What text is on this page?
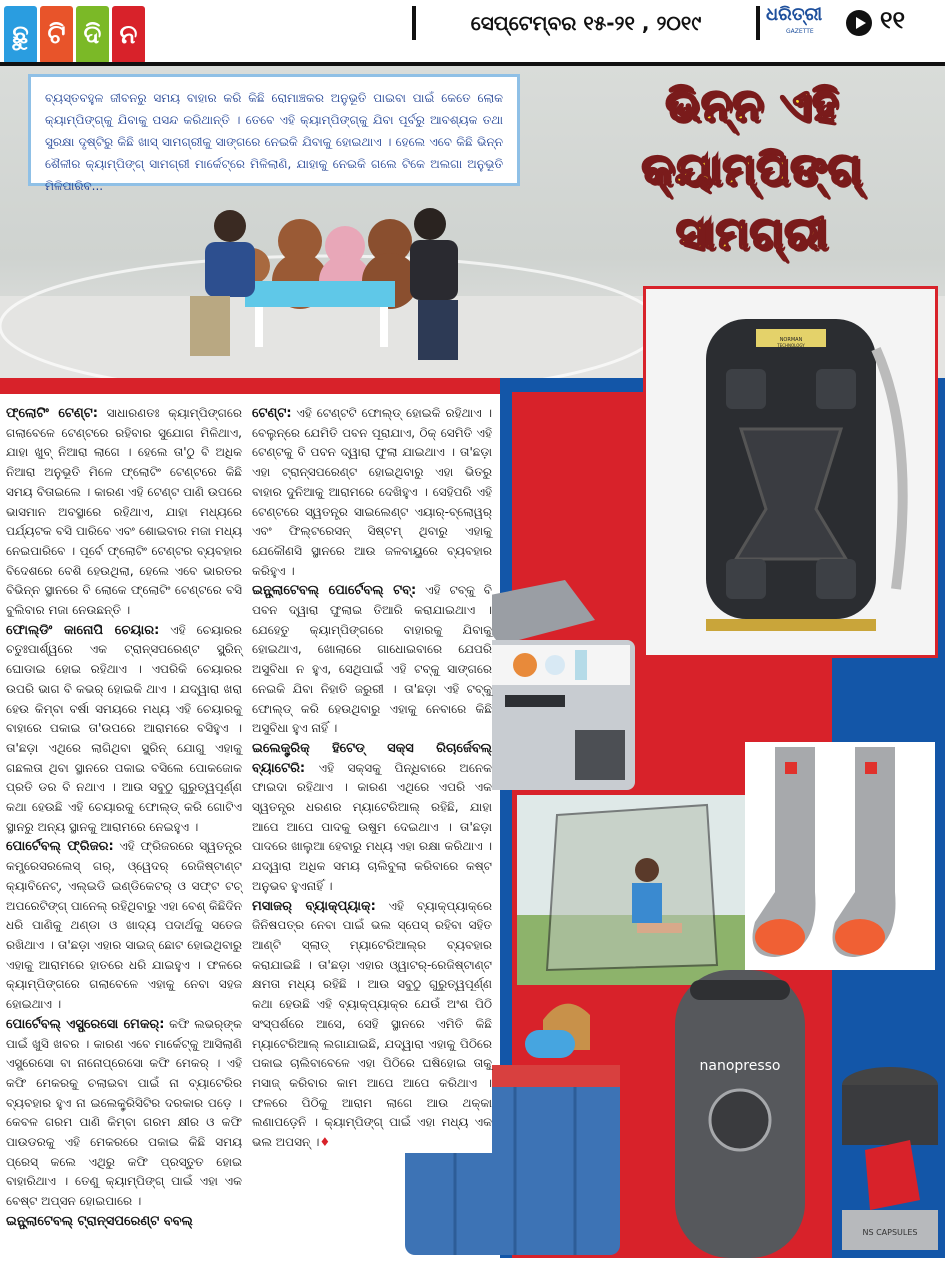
ଛୁ ଟି ଦି ନ	ସେପ୍ଟେମ୍ବର ୧୫-୨୧ , ୨୦୧୯	ଧରିତ୍ରୀ
GAZETTE	୧୧
ବ୍ୟସ୍ତବହୁଳ ଜୀବନରୁ ସମୟ ବାହାର କରି କିଛି ରୋମାଞ୍ଚକର ଅନୁଭୂତି ପାଇବା ପାଇଁ କେତେ ଲୋକ କ୍ୟାମ୍ପିଙ୍ଗ୍‌କୁ ଯିବାକୁ ପସନ୍ଦ କରିଥାନ୍ତି । ତେବେ ଏହି କ୍ୟାମ୍ପିଙ୍ଗ୍‌କୁ ଯିବା ପୂର୍ବରୁ ଆବଶ୍ୟକ ତଥା ସୁରକ୍ଷା ଦୃଷ୍ଟିରୁ କିଛି ଖାସ୍ ସାମଗ୍ରୀକୁ ସାଙ୍ଗରେ ନେଇକି ଯିବାକୁ ହୋଇଥାଏ । ହେଲେ ଏବେ କିଛି ଭିନ୍ନ ଶୈଳୀର କ୍ୟାମ୍ପିଙ୍ଗ୍ ସାମଗ୍ରୀ ମାର୍କେଟ୍‌ରେ ମିଳିଲାଣି, ଯାହାକୁ ନେଇକି ଗଲେ ଟିକେ ଅଲଗା ଅନୁଭୂତି ମିଳିପାରିବ...
ଭିନ୍ନ ଏହି
କ୍ୟାମ୍ପିଙ୍ଗ୍
ସାମଗ୍ରୀ
NORMAN
TECHNOLOGY
nanopresso
NS CAPSULES

ଫ୍ଲୋଟିଂ ଟେଣ୍ଟ: ସାଧାରଣତଃ କ୍ୟାମ୍ପିଙ୍ଗରେ ଗଲାବେଳେ ଟେଣ୍ଟରେ ରହିବାର ସୁଯୋଗ ମିଳିଥାଏ, ଯାହା ଖୁବ୍ ନିଆରା ଲାଗେ । ହେଲେ ତା'ଠୁ ବି ଅଧିକ ନିଆରା ଅନୁଭୂତି ମିଳେ ଫ୍ଲୋଟିଂ ଟେଣ୍ଟରେ କିଛି ସମୟ ବିତାଇଲେ । କାରଣ ଏହି ଟେଣ୍ଟ ପାଣି ଉପରେ ଭାସମାନ ଅବସ୍ଥାରେ ରହିଥାଏ, ଯାହା ମଧ୍ୟରେ ପର୍ଯ୍ୟଟକ ବସି ପାରିବେ ଏବଂ ଶୋଇବାର ମଜା ମଧ୍ୟ ନେଇପାରିବେ । ପୂର୍ବେ ଫ୍ଲୋଟିଂ ଟେଣ୍ଟର ବ୍ୟବହାର ବିଦେଶରେ ବେଶି ହେଉଥିଲା, ହେଲେ ଏବେ ଭାରତର ବିଭିନ୍ନ ସ୍ଥାନରେ ବି ଲୋକେ ଫ୍ଲୋଟିଂ ଟେଣ୍ଟରେ ବସି ବୁଲିବାର ମଜା ନେଉଛନ୍ତି ।

ଫୋଲ୍ଡିଂ କାନୋପି ଚେୟାର: ଏହି ଚେୟାରର ଚତୁଃପାର୍ଶ୍ୱରେ ଏକ ଟ୍ରାନ୍ସପରେଣ୍ଟ ସ୍କ୍ରିନ୍ ଘୋଡାଇ ହୋଇ ରହିଥାଏ । ଏପରିକି ଚେୟାରର ଉପରି ଭାଗ ବି କଭର୍ ହୋଇକି ଥାଏ । ଯଦ୍ୱାରା ଖରା ହେଉ କିମ୍ବା ବର୍ଷା ସମୟରେ ମଧ୍ୟ ଏହି ଚେୟାରକୁ ବାହାରେ ପକାଇ ତା'ଉପରେ ଆରାମରେ ବସିହୁଏ । ତା'ଛଡ଼ା ଏଥିରେ ଲାଗିଥିବା ସ୍କ୍ରିନ୍ ଯୋଗୁ ଏହାକୁ ଗଛଲତା ଥିବା ସ୍ଥାନରେ ପକାଇ ବସିଲେ ପୋକଜୋକ ପ୍ରତି ଡର ବି ନଥାଏ । ଆଉ ସବୁଠୁ ଗୁରୁତ୍ୱପୂର୍ଣ୍ଣ କଥା ହେଉଛି ଏହି ଚେୟାରକୁ ଫୋଲ୍ଡ୍ କରି ଗୋଟିଏ ସ୍ଥାନରୁ ଅନ୍ୟ ସ୍ଥାନକୁ ଆରାମରେ ନେଇହୁଏ ।

ପୋର୍ଟେବଲ୍ ଫ୍ରିଜର: ଏହି ଫ୍ରିଜରରେ ସ୍ୱତନ୍ତ୍ର କମ୍ପ୍ରେସରଲେସ୍ ଗର୍, ଓ୍ୱେଦର୍ ରେଜିଷ୍ଟାଣ୍ଟ କ୍ୟାବିନେଟ୍, ଏଲ୍ଇଡି ଇଣ୍ଡିକେଟର୍ ଓ ସଫ୍ଟ ଟଚ୍ ଅପରେଟିଙ୍ଗ୍ ପାନେଲ୍ ରହିଥିବାରୁ ଏହା ବେଶ୍ କିଛିଦିନ ଧରି ପାଣିକୁ ଥଣ୍ଡା ଓ ଖାଦ୍ୟ ପଦାର୍ଥକୁ ସତେଜ ରଖିଥାଏ । ତା'ଛଡ଼ା ଏହାର ସାଇଜ୍ ଛୋଟ ହୋଇଥିବାରୁ ଏହାକୁ ଆରାମରେ ହାତରେ ଧରି ଯାଇହୁଏ । ଫଳରେ କ୍ୟାମ୍ପିଙ୍ଗରେ ଗଲାବେଳେ ଏହାକୁ ନେବା ସହଜ ହୋଇଥାଏ ।

ପୋର୍ଟେବଲ୍ ଏସ୍ପ୍ରେସୋ ମେକର୍: କଫି ଲଭର୍‌ଙ୍କ ପାଇଁ ଖୁସି ଖବର । କାରଣ ଏବେ ମାର୍କେଟ୍‌କୁ ଆସିଲାଣି ଏସ୍ପ୍ରେସୋ ବା ନାନୋପ୍ରେସୋ କଫି ମେକର୍ । ଏହି କଫି ମେକରକୁ ଚଲାଇବା ପାଇଁ ନା ବ୍ୟାଟେରିର ବ୍ୟବହାର ହୁଏ ନା ଇଲେକ୍ଟ୍ରିସିଟିର ଦରକାର ପଡ଼େ । କେବଳ ଗରମ ପାଣି କିମ୍ବା ଗରମ କ୍ଷୀର ଓ କଫି ପାଉଡରକୁ ଏହି ମେକରରେ ପକାଇ କିଛି ସମୟ ପ୍ରେସ୍ କଲେ ଏଥିରୁ କଫି ପ୍ରସ୍ତୁତ ହୋଇ ବାହାରିଥାଏ । ତେଣୁ କ୍ୟାମ୍ପିଙ୍ଗ୍ ପାଇଁ ଏହା ଏକ ବେଷ୍ଟ ଅପ୍ସନ ହୋଇପାରେ ।

ଇନ୍ଫ୍ଲାଟେବଲ୍ ଟ୍ରାନ୍ସପରେଣ୍ଟ ବବଲ୍

ଟେଣ୍ଟ: ଏହି ଟେଣ୍ଟଟି ଫୋଲ୍ଡ୍ ହୋଇକି ରହିଥାଏ । ବେଲୁନ୍‌ରେ ଯେମିତି ପବନ ପୂରାଯାଏ, ଠିକ୍ ସେମିତି ଏହି ଟେଣ୍ଟକୁ ବି ପବନ ଦ୍ୱାରା ଫୁଲା ଯାଇଥାଏ । ତା'ଛଡ଼ା ଏହା ଟ୍ରାନ୍ସପରେଣ୍ଟ ହୋଇଥିବାରୁ ଏହା ଭିତରୁ ବାହାର ଦୁନିଆକୁ ଆରାମରେ ଦେଖିହୁଏ । ସେହିପରି ଏହି ଟେଣ୍ଟରେ ସ୍ୱତନ୍ତ୍ର ସାଇଲେଣ୍ଟ ଏୟାର୍-ବ୍ଲୋୱର୍ ଏବଂ ଫିଲ୍ଟରେସନ୍ ସିଷ୍ଟମ୍ ଥିବାରୁ ଏହାକୁ ଯେକୌଣସି ସ୍ଥାନରେ ଆଉ ଜଳବାୟୁରେ ବ୍ୟବହାର କରିହୁଏ ।

ଇନ୍ଫ୍ଲାଟେବଲ୍ ପୋର୍ଟେବଲ୍ ଟବ୍: ଏହି ଟବ୍‌କୁ ବି ପବନ ଦ୍ୱାରା ଫୁଲାଇ ତିଆରି କରାଯାଇଥାଏ । ଯେହେତୁ କ୍ୟାମ୍ପିଙ୍ଗରେ ବାହାରକୁ ଯିବାକୁ ହୋଇଥାଏ, ଖୋଲାରେ ଗାଧୋଇବାରେ ଯେପରି ଅସୁବିଧା ନ ହୁଏ, ସେଥିପାଇଁ ଏହି ଟବ୍‌କୁ ସାଙ୍ଗରେ ନେଇକି ଯିବା ନିହାତି ଜରୁରୀ । ତା'ଛଡ଼ା ଏହି ଟବ୍‌କୁ ଫୋଲ୍ଡ୍ କରି ହେଉଥିବାରୁ ଏହାକୁ ନେବାରେ କିଛି ଅସୁବିଧା ହୁଏ ନାହିଁ ।

ଇଲେକ୍ଟ୍ରିକ୍ ହିଟେଡ୍ ସକ୍ସ ରିଚାର୍ଜେବଲ୍ ବ୍ୟାଟେରି: ଏହି ସକ୍ସକୁ ପିନ୍ଧିବାରେ ଅନେକ ଫାଇଦା ରହିଥାଏ । କାରଣ ଏଥିରେ ଏପରି ଏକ ସ୍ୱତନ୍ତ୍ର ଧରଣର ମ୍ୟାଟେରିଆଲ୍ ରହିଛି, ଯାହା ଆପେ ଆପେ ପାଦକୁ ଉଷୁମ ଦେଇଥାଏ । ତା'ଛଡ଼ା ପାଦରେ ଖାଲୁଆ ହେବାରୁ ମଧ୍ୟ ଏହା ରକ୍ଷା କରିଥାଏ । ଯଦ୍ୱାରା ଅଧିକ ସମୟ ଚାଲିବୁଲା କରିବାରେ କଷ୍ଟ ଅନୁଭବ ହୁଏନାହିଁ ।

ମସାଜର୍ ବ୍ୟାକ୍‌ପ୍ୟାକ୍: ଏହି ବ୍ୟାକ୍‌ପ୍ୟାକ୍‌ରେ ଜିନିଷପତ୍ର ନେବା ପାଇଁ ଭଲ ସ୍ପେସ୍ ରହିବା ସହିତ ଆଣ୍ଟି ସ୍ଲାଡ୍ ମ୍ୟାଟେରିଆଲ୍‌ର ବ୍ୟବହାର କରାଯାଇଛି । ତା'ଛଡ଼ା ଏହାର ଓ୍ୱାଟର୍-ରେଜିଷ୍ଟାଣ୍ଟ କ୍ଷମତା ମଧ୍ୟ ରହିଛି । ଆଉ ସବୁଠୁ ଗୁରୁତ୍ୱପୂର୍ଣ୍ଣ କଥା ହେଉଛି ଏହି ବ୍ୟାକ୍‌ପ୍ୟାକ୍‌ର ଯେଉଁ ଅଂଶ ପିଠି ସଂସ୍ପର୍ଶରେ ଆସେ, ସେହି ସ୍ଥାନରେ ଏମିତି କିଛି ମ୍ୟାଟେରିଆଲ୍ ଲଗାଯାଇଛି, ଯଦ୍ୱାରା ଏହାକୁ ପିଠିରେ ପକାଇ ଚାଲିବାବେଳେ ଏହା ପିଠିରେ ଘଷିହୋଇ ତାକୁ ମସାଜ୍ କରିବାର କାମ ଆପେ ଆପେ କରିଥାଏ । ଫଳରେ ପିଠିକୁ ଆରାମ ଲାଗେ ଆଉ ଥକ୍କା ଲଣାପଡ଼େନି । କ୍ୟାମ୍ପିଙ୍ଗ୍ ପାଇଁ ଏହା ମଧ୍ୟ ଏକ ଭଲ ଅପସନ୍ ।♦
